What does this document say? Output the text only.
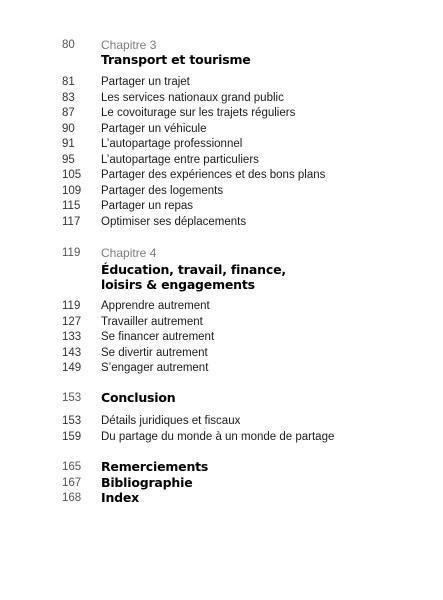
80	Chapitre 3
Transport et tourisme
81	Partager un trajet
83	Les services nationaux grand public
87	Le covoiturage sur les trajets réguliers
90	Partager un véhicule
91	L’autopartage professionnel
95	L’autopartage entre particuliers
105	Partager des expériences et des bons plans
109	Partager des logements
115	Partager un repas
117	Optimiser ses déplacements
119	Chapitre 4
Éducation, travail, finance,
loisirs & engagements
119	Apprendre autrement
127	Travailler autrement
133	Se financer autrement
143	Se divertir autrement
149	S’engager autrement
153	Conclusion
153	Détails juridiques et fiscaux
159	Du partage du monde à un monde de partage
165	Remerciements
167	Bibliographie
168	Index
